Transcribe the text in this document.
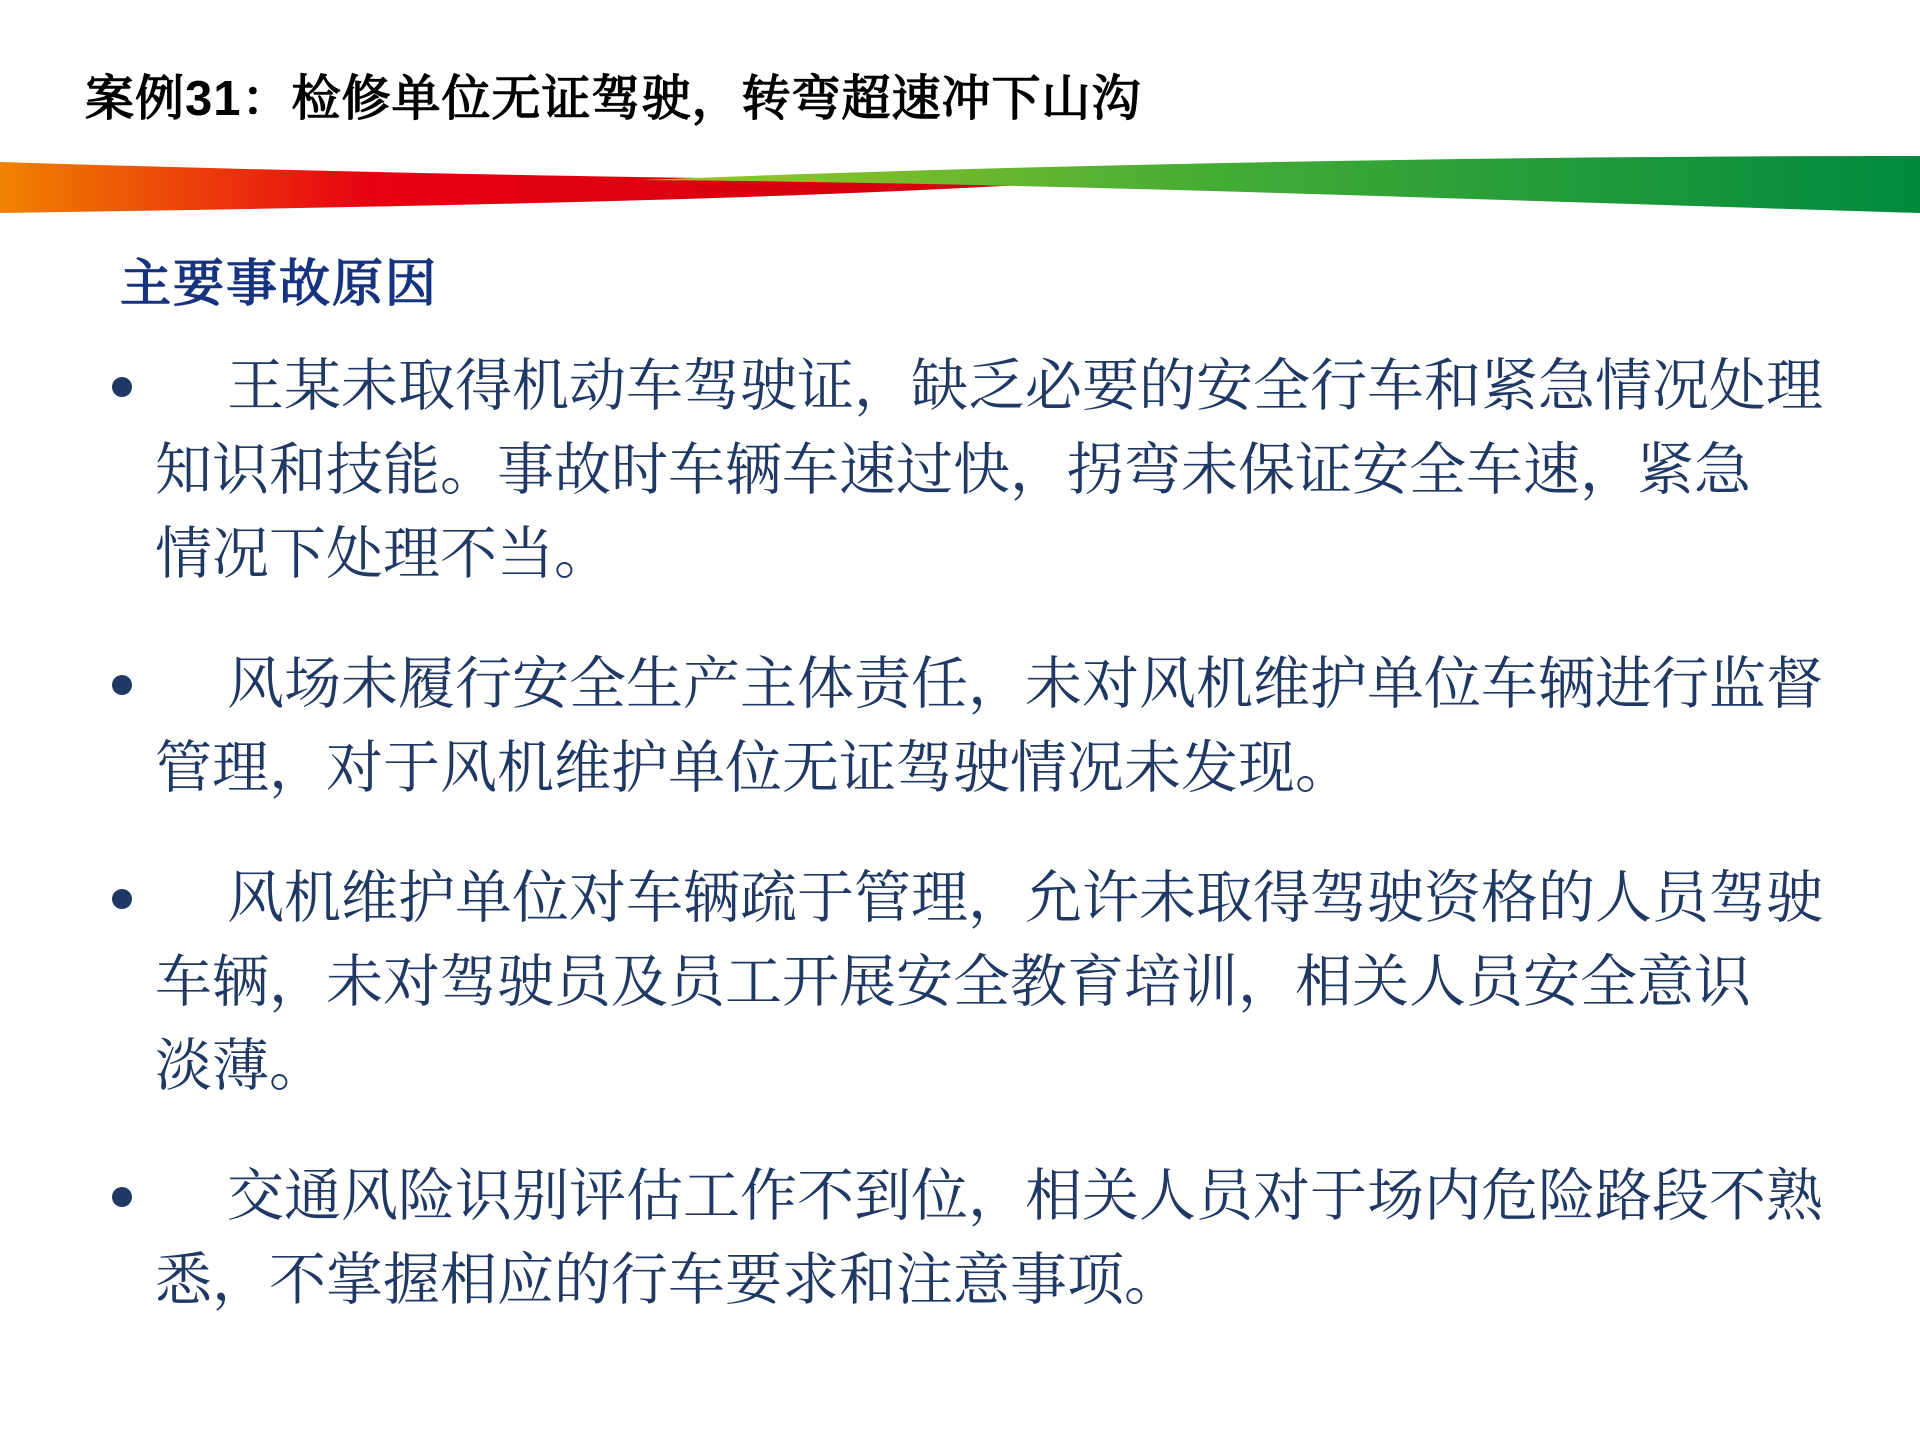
案例31：检修单位无证驾驶，转弯超速冲下山沟
主要事故原因
王某未取得机动车驾驶证，缺乏必要的安全行车和紧急情况处理
知识和技能。事故时车辆车速过快，拐弯未保证安全车速，紧急
情况下处理不当。
风场未履行安全生产主体责任，未对风机维护单位车辆进行监督
管理，对于风机维护单位无证驾驶情况未发现。
风机维护单位对车辆疏于管理，允许未取得驾驶资格的人员驾驶
车辆，未对驾驶员及员工开展安全教育培训，相关人员安全意识
淡薄。
交通风险识别评估工作不到位，相关人员对于场内危险路段不熟
悉，不掌握相应的行车要求和注意事项。
